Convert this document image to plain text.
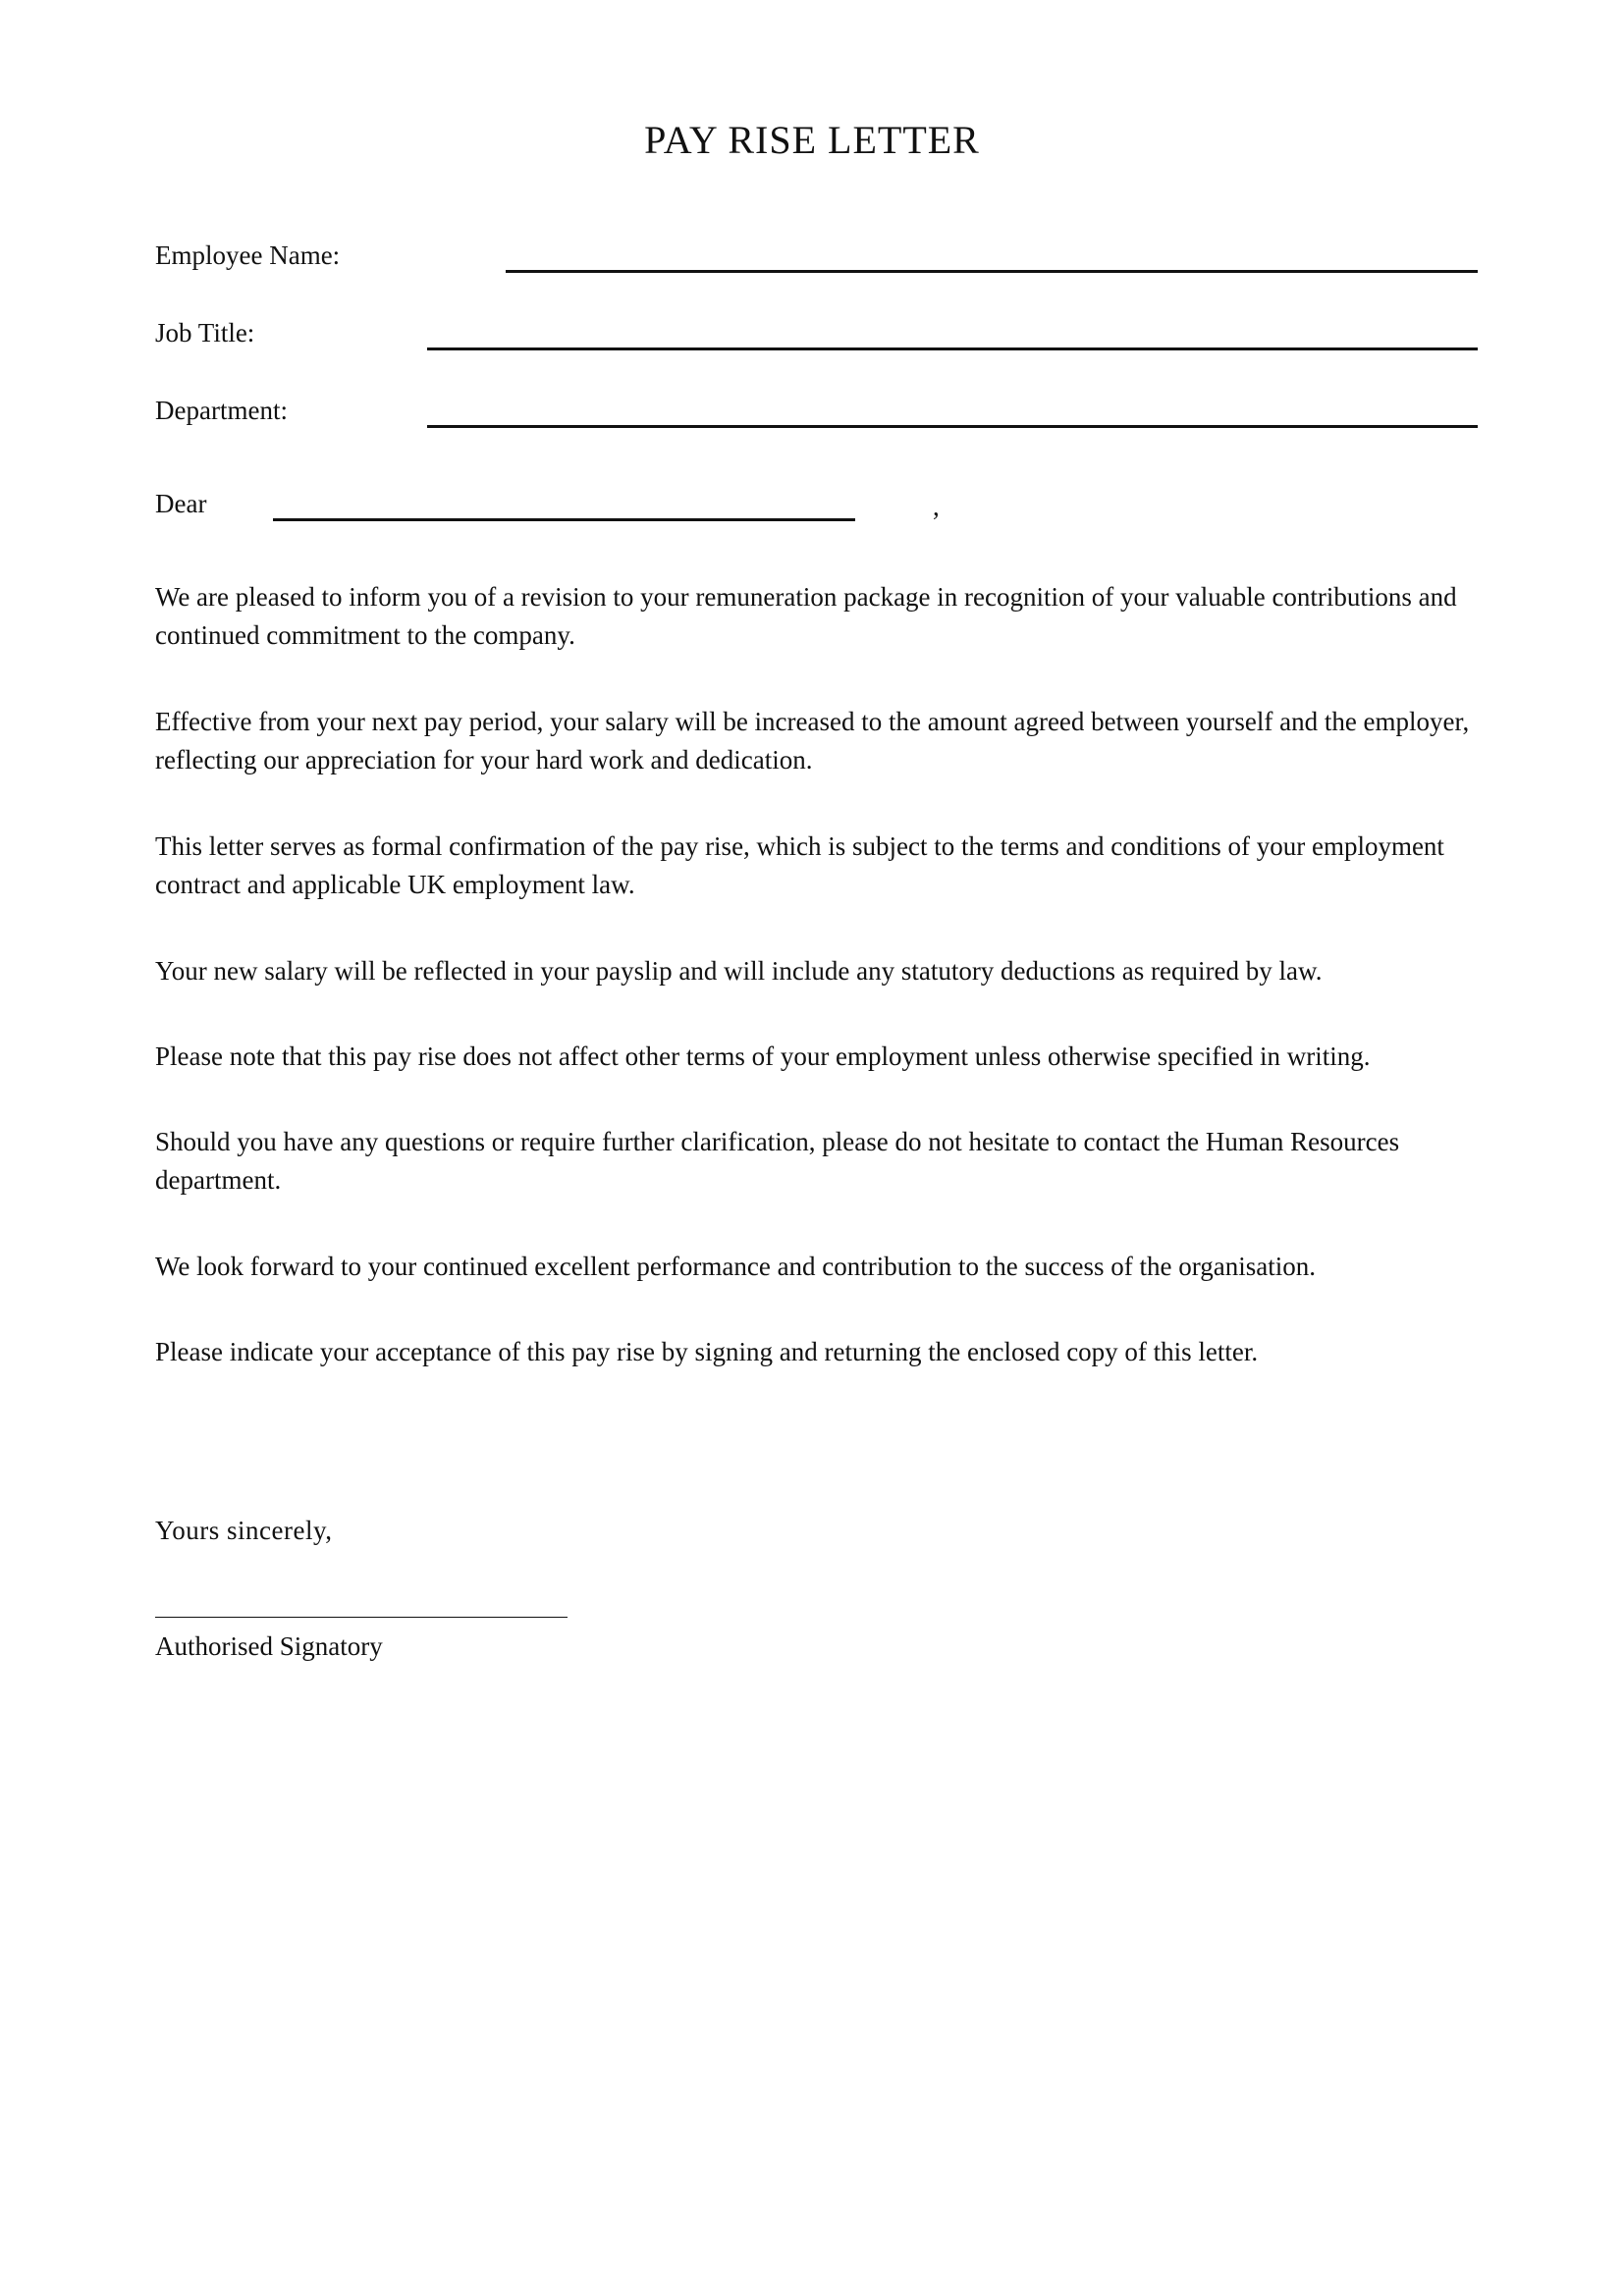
PAY RISE LETTER
Employee Name:
Job Title:
Department:
Dear	,

We are pleased to inform you of a revision to your remuneration package in recognition of your valuable contributions and continued commitment to the company.

Effective from your next pay period, your salary will be increased to the amount agreed between yourself and the employer, reflecting our appreciation for your hard work and dedication.

This letter serves as formal confirmation of the pay rise, which is subject to the terms and conditions of your employment contract and applicable UK employment law.

Your new salary will be reflected in your payslip and will include any statutory deductions as required by law.

Please note that this pay rise does not affect other terms of your employment unless otherwise specified in writing.

Should you have any questions or require further clarification, please do not hesitate to contact the Human Resources department.

We look forward to your continued excellent performance and contribution to the success of the organisation.

Please indicate your acceptance of this pay rise by signing and returning the enclosed copy of this letter.

Yours sincerely,
Authorised Signatory
